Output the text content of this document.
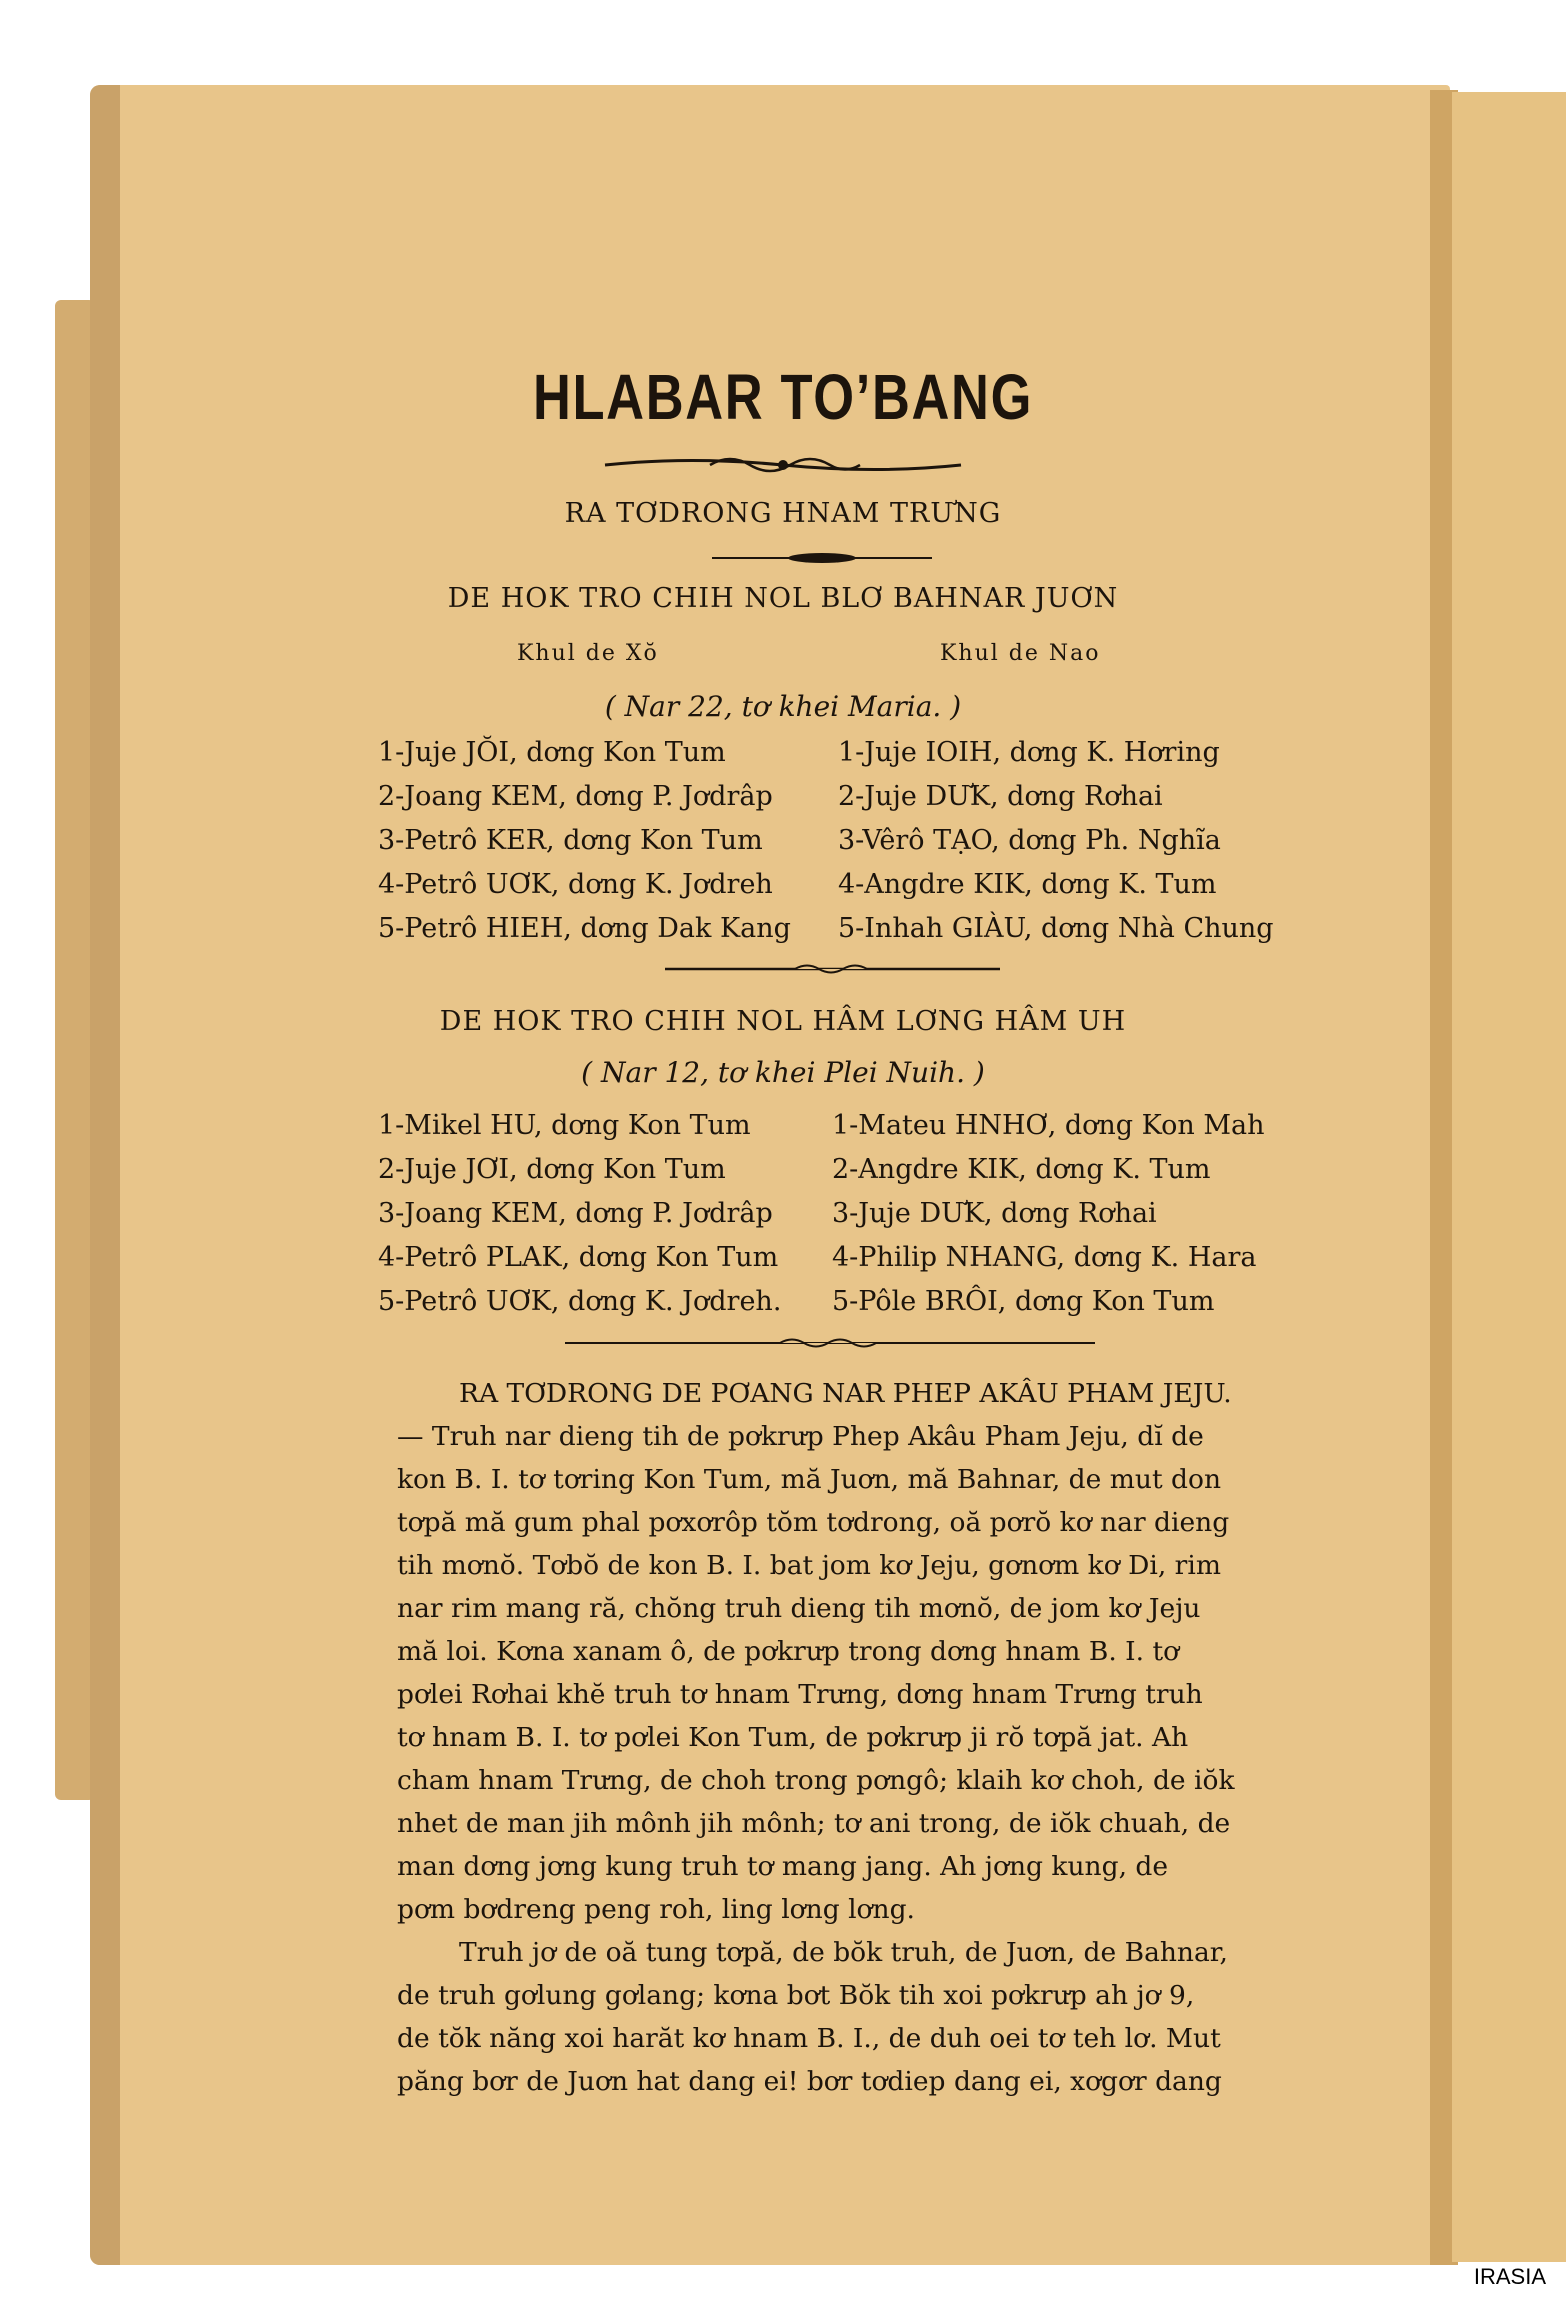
HLABAR TO’BANG
RA TƠDRONG HNAM TRƯNG
DE HOK TRO CHIH NOL BLƠ BAHNAR JUƠN
Khul de Xŏ	Khul de Nao
( Nar 22, tơ khei Maria. )
1-Juje JŎI, dơng Kon Tum
2-Joang KEM, dơng P. Jơdrâp
3-Petrô KER, dơng Kon Tum
4-Petrô UƠK, dơng K. Jơdreh
5-Petrô HIEH, dơng Dak Kang
1-Juje IOIH, dơng K. Hơring
2-Juje DƯK, dơng Rơhai
3-Vêrô TẠO, dơng Ph. Nghĩa
4-Angdre KIK, dơng K. Tum
5-Inhah GIÀU, dơng Nhà Chung
DE HOK TRO CHIH NOL HÂM LƠNG HÂM UH
( Nar 12, tơ khei Plei Nuih. )
1-Mikel HU, dơng Kon Tum
2-Juje JƠI, dơng Kon Tum
3-Joang KEM, dơng P. Jơdrâp
4-Petrô PLAK, dơng Kon Tum
5-Petrô UƠK, dơng K. Jơdreh.
1-Mateu HNHƠ, dơng Kon Mah
2-Angdre KIK, dơng K. Tum
3-Juje DƯK, dơng Rơhai
4-Philip NHANG, dơng K. Hara
5-Pôle BRÔI, dơng Kon Tum
RA TƠDRONG DE PƠANG NAR PHEP AKÂU PHAM JEJU.
— Truh nar dieng tih de pơkrưp Phep Akâu Pham Jeju, dĭ de
kon B. I. tơ tơring Kon Tum, mă Juơn, mă Bahnar, de mut don
tơpă mă gum phal pơxơrôp tŏm tơdrong, oă pơrŏ kơ nar dieng
tih mơnŏ. Tơbŏ de kon B. I. bat jom kơ Jeju, gơnơm kơ Di, rim
nar rim mang ră, chŏng truh dieng tih mơnŏ, de jom kơ Jeju
mă loi. Kơna xanam ô, de pơkrưp trong dơng hnam B. I. tơ
pơlei Rơhai khĕ truh tơ hnam Trưng, dơng hnam Trưng truh
tơ hnam B. I. tơ pơlei Kon Tum, de pơkrưp ji rŏ tơpă jat. Ah
cham hnam Trưng, de choh trong pơngô; klaih kơ choh, de iŏk
nhet de man jih mônh jih mônh; tơ ani trong, de iŏk chuah, de
man dơng jơng kung truh tơ mang jang. Ah jơng kung, de
pơm bơdreng peng roh, ling lơng lơng.
Truh jơ de oă tung tơpă, de bŏk truh, de Juơn, de Bahnar,
de truh gơlung gơlang; kơna bơt Bŏk tih xoi pơkrưp ah jơ 9,
de tŏk năng xoi harăt kơ hnam B. I., de duh oei tơ teh lơ. Mut
păng bơr de Juơn hat dang ei! bơr tơdiep dang ei, xơgơr dang
IRASIA
